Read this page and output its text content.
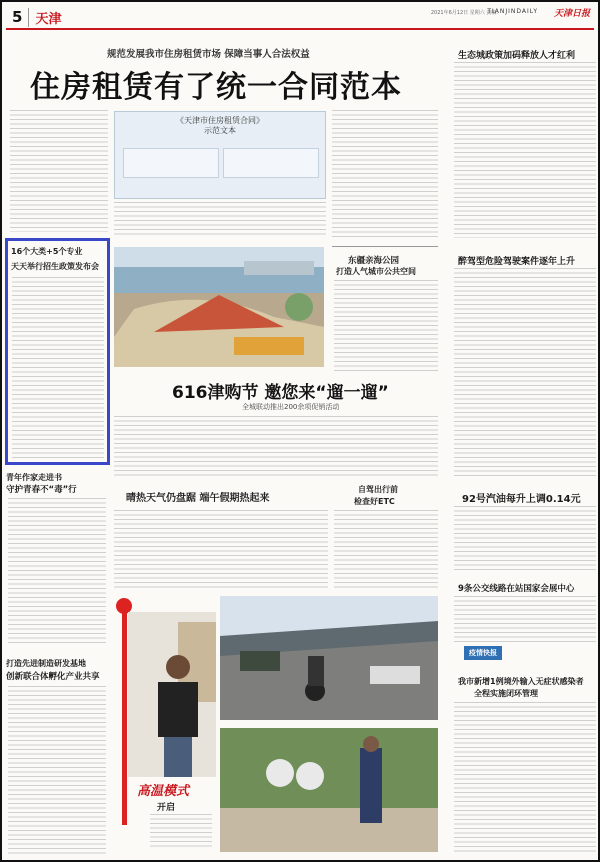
5	天津	2021年6月12日 星期六 责编:
TIANJINDAILY 天津日报
规范发展我市住房租赁市场 保障当事人合法权益
住房租赁有了统一合同范本
16个大类+5个专业
天天举行招生政策发布会
青年作家走进书
守护青春不“毒”行
打造先进制造研发基地
创新联合体孵化产业共享
《天津市住房租赁合同》示范文本
东疆亲海公园
打造人气城市公共空间
616津购节 邀您来“遛一遛”
全城联动推出200余项促销活动
晴热天气仍盘踞 端午假期热起来
自驾出行前
检查好ETC
高温模式
开启
生态城政策加码释放人才红利
醉驾型危险驾驶案件逐年上升
92号汽油每升上调0.14元
9条公交线路在站国家会展中心
疫情快报
我市新增1例境外输入无症状感染者
全程实施闭环管理
